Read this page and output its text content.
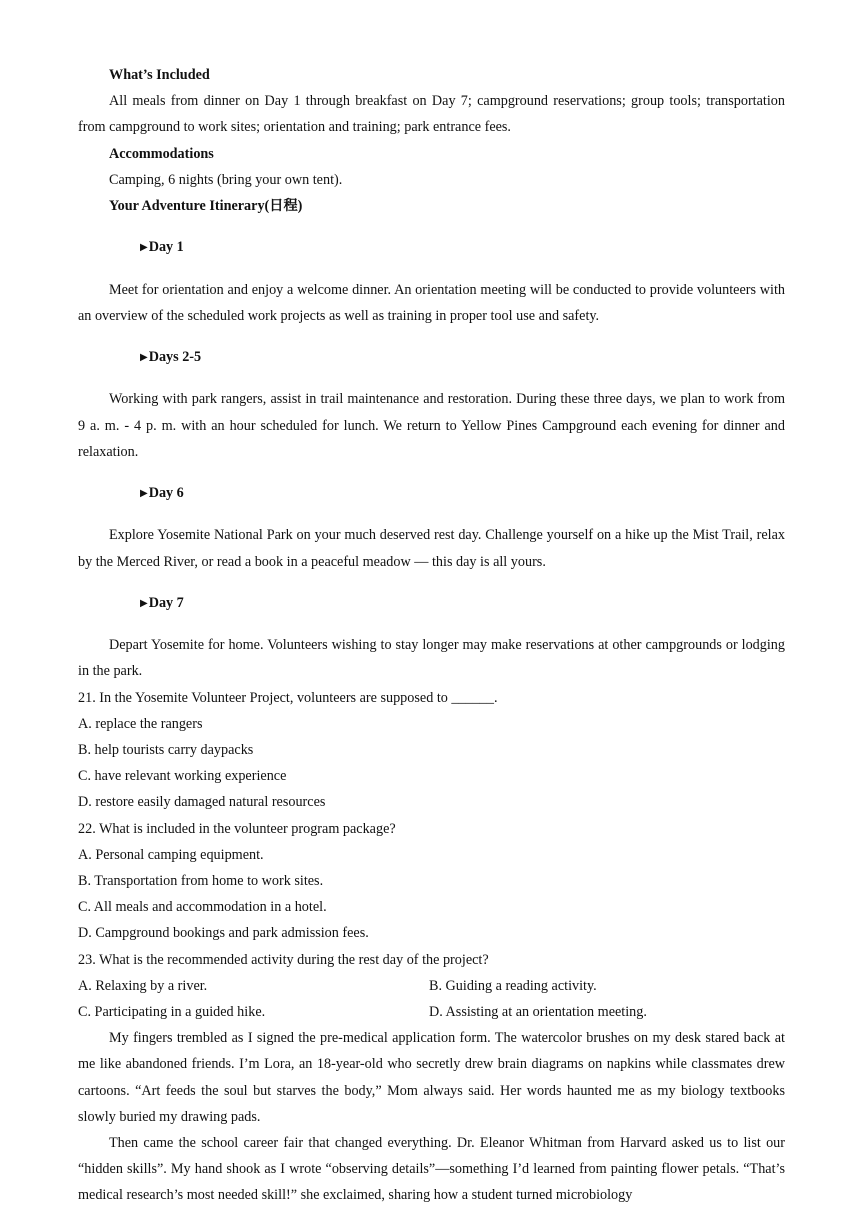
What’s Included

All meals from dinner on Day 1 through breakfast on Day 7; campground reservations; group tools; transportation from campground to work sites; orientation and training; park entrance fees.

Accommodations

Camping, 6 nights (bring your own tent).

Your Adventure Itinerary(日程)

▶Day 1

Meet for orientation and enjoy a welcome dinner. An orientation meeting will be conducted to provide volunteers with an overview of the scheduled work projects as well as training in proper tool use and safety.

▶Days 2-5

Working with park rangers, assist in trail maintenance and restoration. During these three days, we plan to work from 9 a. m. - 4 p. m. with an hour scheduled for lunch. We return to Yellow Pines Campground each evening for dinner and relaxation.

▶Day 6

Explore Yosemite National Park on your much deserved rest day. Challenge yourself on a hike up the Mist Trail, relax by the Merced River, or read a book in a peaceful meadow — this day is all yours.

▶Day 7

Depart Yosemite for home. Volunteers wishing to stay longer may make reservations at other campgrounds or lodging in the park.

21. In the Yosemite Volunteer Project, volunteers are supposed to ______.

A. replace the rangers

B. help tourists carry daypacks

C. have relevant working experience

D. restore easily damaged natural resources

22. What is included in the volunteer program package?

A. Personal camping equipment.

B. Transportation from home to work sites.

C. All meals and accommodation in a hotel.

D. Campground bookings and park admission fees.

23. What is the recommended activity during the rest day of the project?

A. Relaxing by a river.	B. Guiding a reading activity.
C. Participating in a guided hike.	D. Assisting at an orientation meeting.

My fingers trembled as I signed the pre-medical application form. The watercolor brushes on my desk stared back at me like abandoned friends. I’m Lora, an 18-year-old who secretly drew brain diagrams on napkins while classmates drew cartoons. “Art feeds the soul but starves the body,” Mom always said. Her words haunted me as my biology textbooks slowly buried my drawing pads.

Then came the school career fair that changed everything. Dr. Eleanor Whitman from Harvard asked us to list our “hidden skills”. My hand shook as I wrote “observing details”—something I’d learned from painting flower petals. “That’s medical research’s most needed skill!” she exclaimed, sharing how a student turned microbiology
